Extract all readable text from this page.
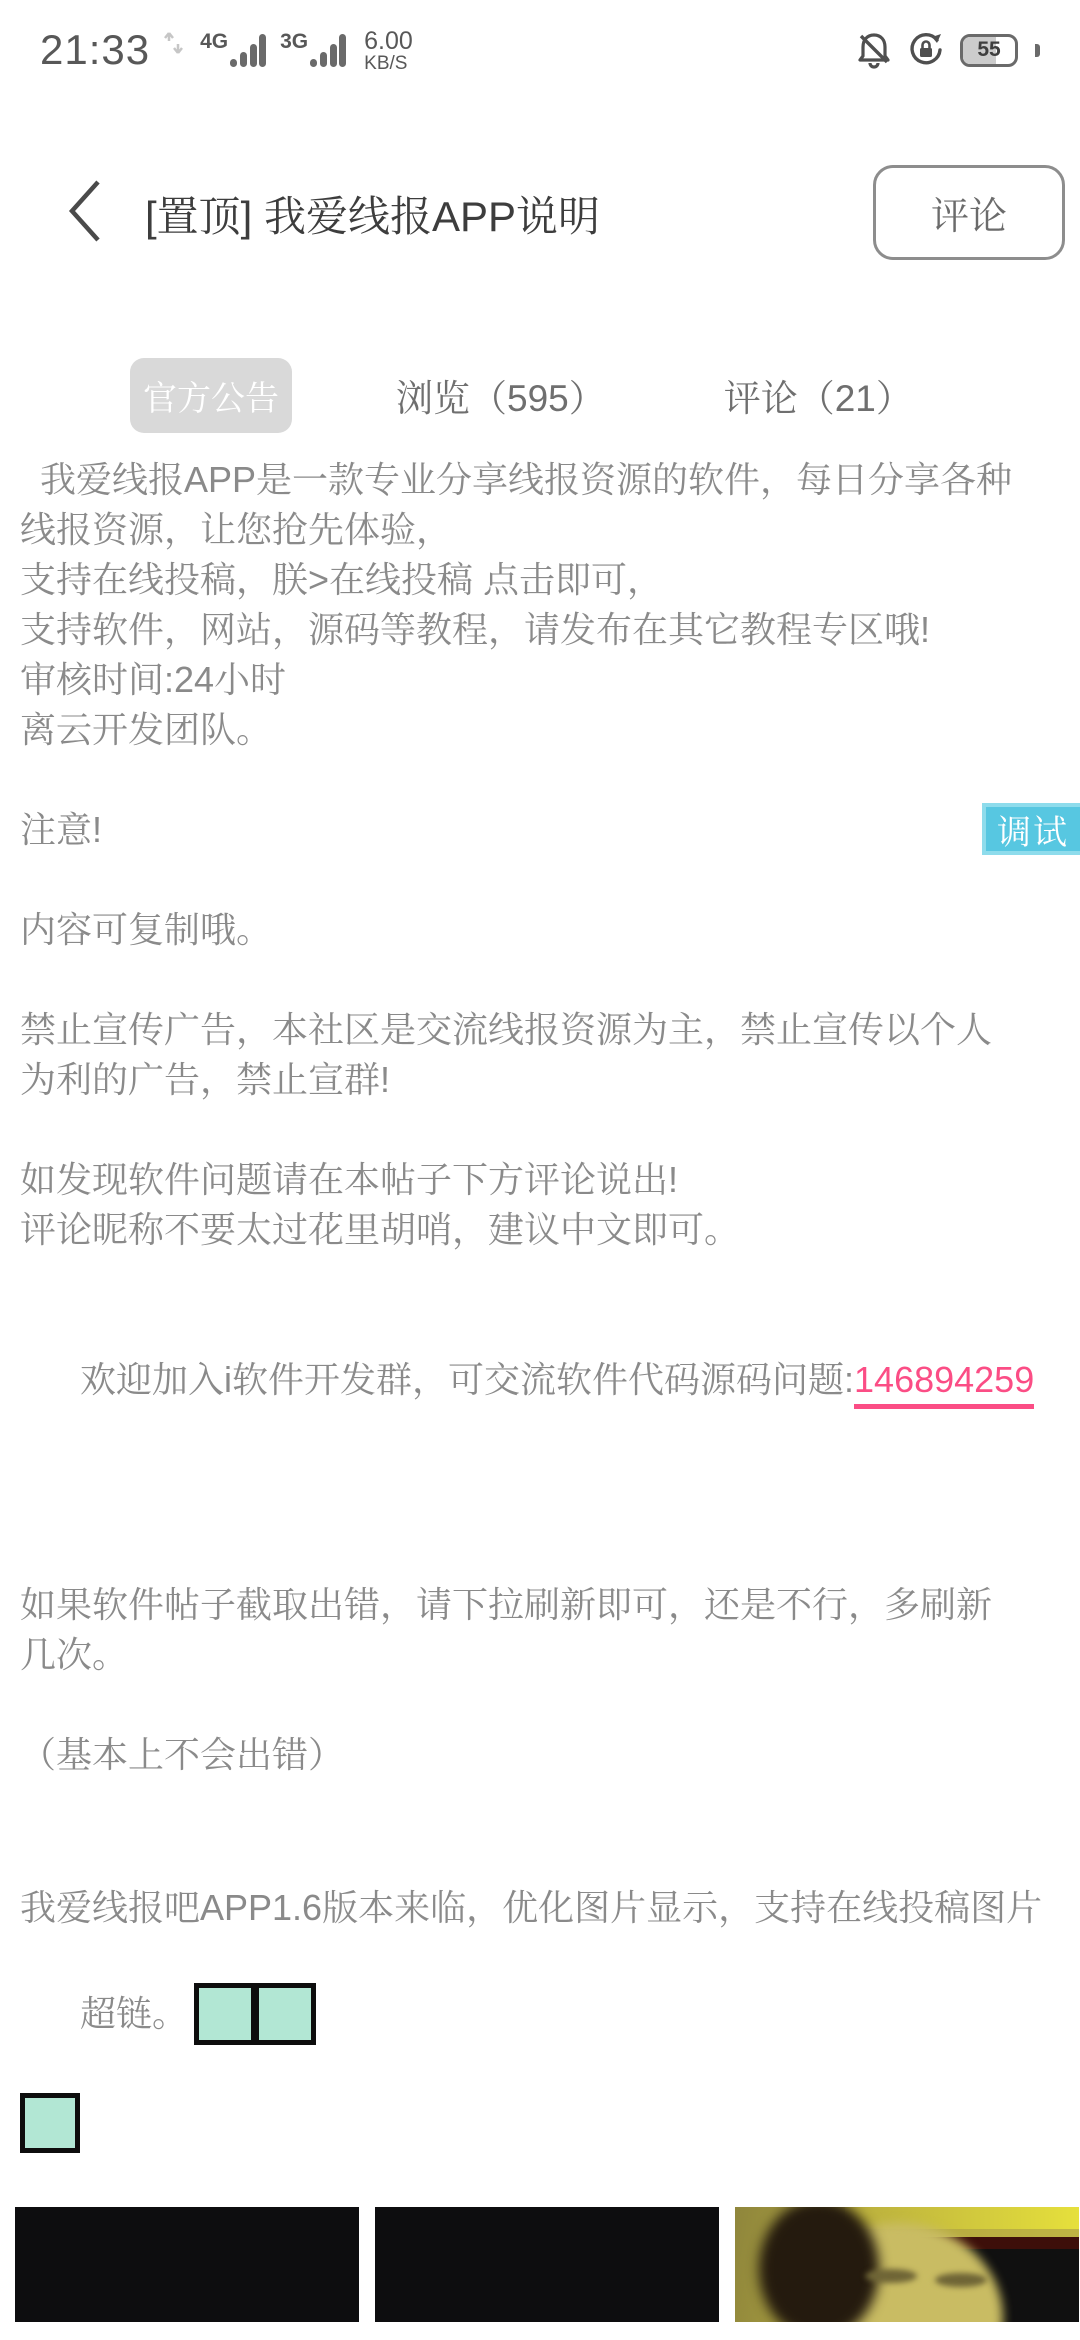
21:33 4G 3G 6.00
KB/S
55
[置顶] 我爱线报APP说明	评论
官方公告	浏览（595）	评论（21）
调试
我爱线报APP是一款专业分享线报资源的软件，每日分享各种
线报资源，让您抢先体验，
支持在线投稿，朕>在线投稿 点击即可，
支持软件，网站，源码等教程，请发布在其它教程专区哦!
审核时间:24小时
离云开发团队。
注意!
内容可复制哦。
禁止宣传广告，本社区是交流线报资源为主，禁止宣传以个人
为利的广告，禁止宣群!
如发现软件问题请在本帖子下方评论说出!
评论昵称不要太过花里胡哨，建议中文即可。

欢迎加入i软件开发群，可交流软件代码源码问题:146894259

如果软件帖子截取出错，请下拉刷新即可，还是不行，多刷新
几次。
（基本上不会出错）
我爱线报吧APP1.6版本来临，优化图片显示，支持在线投稿图片

超链。
